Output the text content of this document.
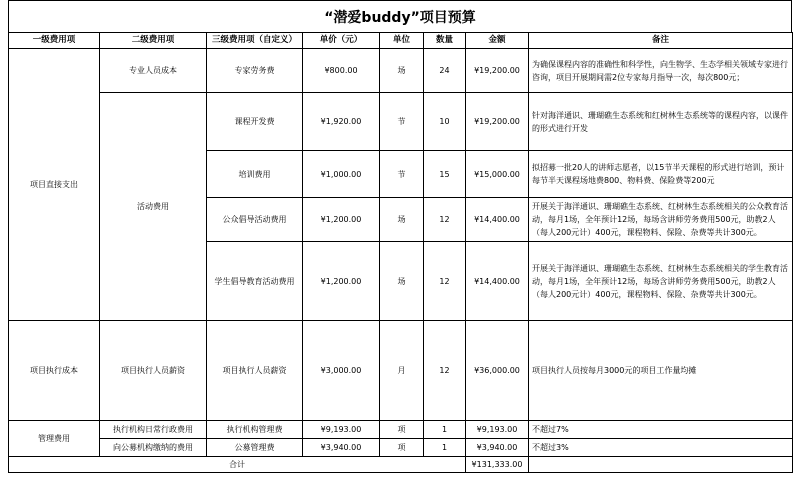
“潜爱buddy”项目预算
一级费用项	二级费用项	三级费用项（自定义）	单价（元）	单位	数量	金额	备注
项目直接支出	专业人员成本	专家劳务费	¥800.00	场	24	¥19,200.00	为确保课程内容的准确性和科学性，向生物学、生态学相关领域专家进行咨询，项目开展期间需2位专家每月指导一次，每次800元；
	活动费用	课程开发费	¥1,920.00	节	10	¥19,200.00	针对海洋通识、珊瑚礁生态系统和红树林生态系统等的课程内容，以课件的形式进行开发
		培训费用	¥1,000.00	节	15	¥15,000.00	拟招募一批20人的讲师志愿者，以15节半天课程的形式进行培训，预计每节半天课程场地费800、物料费、保险费等200元
		公众倡导活动费用	¥1,200.00	场	12	¥14,400.00	开展关于海洋通识、珊瑚礁生态系统、红树林生态系统相关的公众教育活动，每月1场，全年预计12场，每场含讲师劳务费用500元，助教2人（每人200元计）400元，课程物料、保险、杂费等共计300元。
		学生倡导教育活动费用	¥1,200.00	场	12	¥14,400.00	开展关于海洋通识、珊瑚礁生态系统、红树林生态系统相关的学生教育活动，每月1场，全年预计12场，每场含讲师劳务费用500元，助教2人（每人200元计）400元，课程物料、保险、杂费等共计300元。
项目执行成本	项目执行人员薪资	项目执行人员薪资	¥3,000.00	月	12	¥36,000.00	项目执行人员按每月3000元的项目工作量均摊
管理费用	执行机构日常行政费用	执行机构管理费	¥9,193.00	项	1	¥9,193.00	不超过7%
	向公募机构缴纳的费用	公募管理费	¥3,940.00	项	1	¥3,940.00	不超过3%
合计						¥131,333.00	
